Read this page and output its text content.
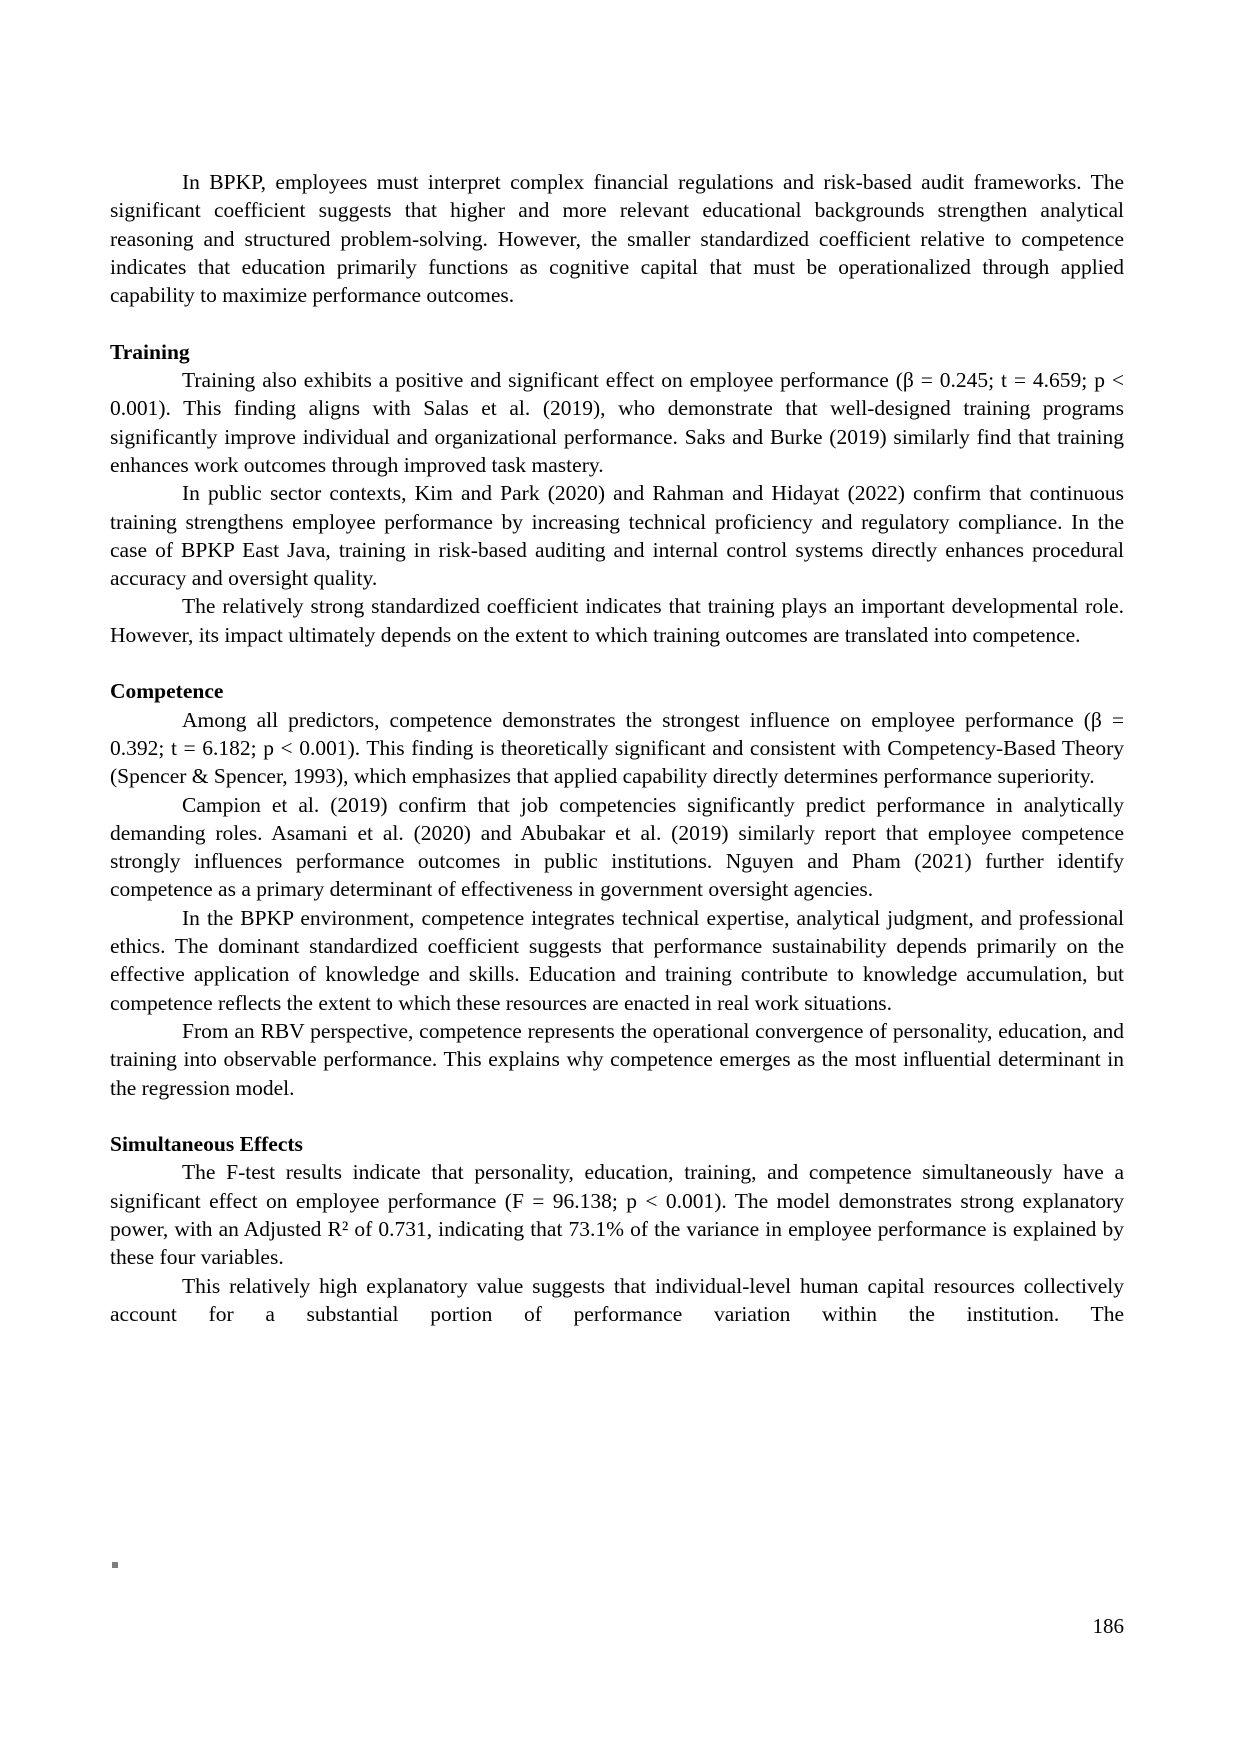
In BPKP, employees must interpret complex financial regulations and risk-based audit frameworks. The significant coefficient suggests that higher and more relevant educational backgrounds strengthen analytical reasoning and structured problem-solving. However, the smaller standardized coefficient relative to competence indicates that education primarily functions as cognitive capital that must be operationalized through applied capability to maximize performance outcomes.

Training

Training also exhibits a positive and significant effect on employee performance (β = 0.245; t = 4.659; p < 0.001). This finding aligns with Salas et al. (2019), who demonstrate that well-designed training programs significantly improve individual and organizational performance. Saks and Burke (2019) similarly find that training enhances work outcomes through improved task mastery.

In public sector contexts, Kim and Park (2020) and Rahman and Hidayat (2022) confirm that continuous training strengthens employee performance by increasing technical proficiency and regulatory compliance. In the case of BPKP East Java, training in risk-based auditing and internal control systems directly enhances procedural accuracy and oversight quality.

The relatively strong standardized coefficient indicates that training plays an important developmental role. However, its impact ultimately depends on the extent to which training outcomes are translated into competence.

Competence

Among all predictors, competence demonstrates the strongest influence on employee performance (β = 0.392; t = 6.182; p < 0.001). This finding is theoretically significant and consistent with Competency-Based Theory (Spencer & Spencer, 1993), which emphasizes that applied capability directly determines performance superiority.

Campion et al. (2019) confirm that job competencies significantly predict performance in analytically demanding roles. Asamani et al. (2020) and Abubakar et al. (2019) similarly report that employee competence strongly influences performance outcomes in public institutions. Nguyen and Pham (2021) further identify competence as a primary determinant of effectiveness in government oversight agencies.

In the BPKP environment, competence integrates technical expertise, analytical judgment, and professional ethics. The dominant standardized coefficient suggests that performance sustainability depends primarily on the effective application of knowledge and skills. Education and training contribute to knowledge accumulation, but competence reflects the extent to which these resources are enacted in real work situations.

From an RBV perspective, competence represents the operational convergence of personality, education, and training into observable performance. This explains why competence emerges as the most influential determinant in the regression model.

Simultaneous Effects

The F-test results indicate that personality, education, training, and competence simultaneously have a significant effect on employee performance (F = 96.138; p < 0.001). The model demonstrates strong explanatory power, with an Adjusted R² of 0.731, indicating that 73.1% of the variance in employee performance is explained by these four variables.

This relatively high explanatory value suggests that individual-level human capital resources collectively account for a substantial portion of performance variation within the institution. The

186
